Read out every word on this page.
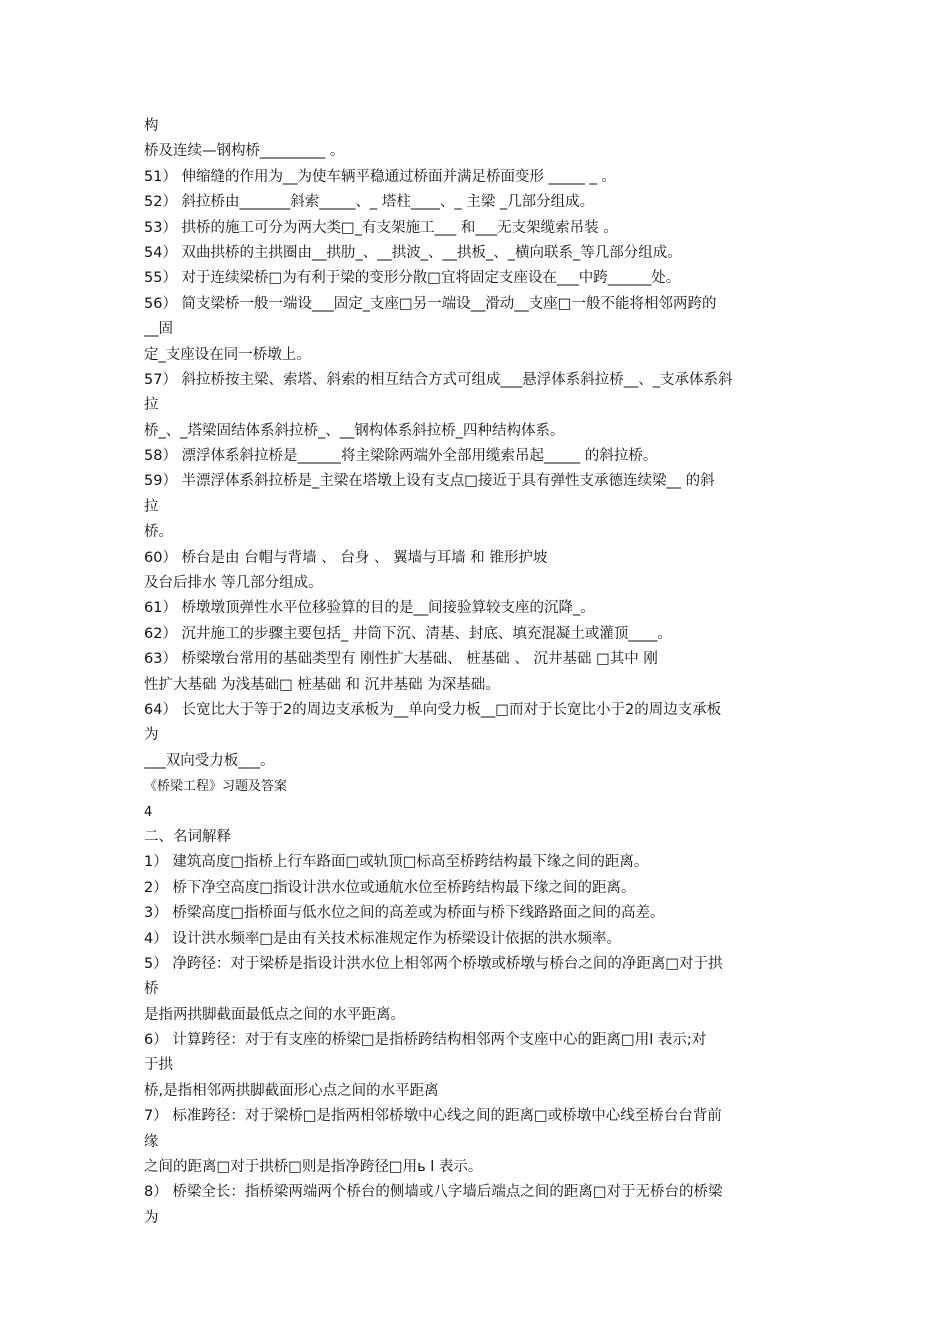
构
桥及连续—钢构桥_________ 。
51） 伸缩缝的作用为__为使车辆平稳通过桥面并满足桥面变形 _____ _ 。
52） 斜拉桥由_______斜索_____、_ 塔柱____、_ 主梁 _几部分组成。
53） 拱桥的施工可分为两大类□_有支架施工___ 和___无支架缆索吊装 。
54） 双曲拱桥的主拱圈由__拱肋_、__拱波_、__拱板_、_横向联系_等几部分组成。
55） 对于连续梁桥□为有利于梁的变形分散□宜将固定支座设在___中跨______处。
56） 简支梁桥一般一端设___固定_支座□另一端设__滑动__支座□一般不能将相邻两跨的
__固
定_支座设在同一桥墩上。
57） 斜拉桥按主梁、索塔、斜索的相互结合方式可组成___悬浮体系斜拉桥__、_支承体系斜
拉
桥_、_塔梁固结体系斜拉桥_、__钢构体系斜拉桥_四种结构体系。
58） 漂浮体系斜拉桥是______将主梁除两端外全部用缆索吊起_____ 的斜拉桥。
59） 半漂浮体系斜拉桥是_主梁在塔墩上设有支点□接近于具有弹性支承德连续梁__ 的斜
拉
桥。
60） 桥台是由 台帽与背墙 、 台身 、 翼墙与耳墙 和 锥形护坡
及台后排水 等几部分组成。
61） 桥墩墩顶弹性水平位移验算的目的是__间接验算较支座的沉降_。
62） 沉井施工的步骤主要包括_ 井筒下沉、清基、封底、填充混凝土或灌顶____。
63） 桥梁墩台常用的基础类型有 刚性扩大基础、 桩基础 、 沉井基础 □其中 刚
性扩大基础 为浅基础□ 桩基础 和 沉井基础 为深基础。
64） 长宽比大于等于2的周边支承板为__单向受力板__□而对于长宽比小于2的周边支承板
为
___双向受力板___。
《桥梁工程》习题及答案
4
二、名词解释
1） 建筑高度□指桥上行车路面□或轨顶□标高至桥跨结构最下缘之间的距离。
2） 桥下净空高度□指设计洪水位或通航水位至桥跨结构最下缘之间的距离。
3） 桥梁高度□指桥面与低水位之间的高差或为桥面与桥下线路路面之间的高差。
4） 设计洪水频率□是由有关技术标准规定作为桥梁设计依据的洪水频率。
5） 净跨径：对于梁桥是指设计洪水位上相邻两个桥墩或桥墩与桥台之间的净距离□对于拱
桥
是指两拱脚截面最低点之间的水平距离。
6） 计算跨径：对于有支座的桥梁□是指桥跨结构相邻两个支座中心的距离□用l 表示;对
于拱
桥,是指相邻两拱脚截面形心点之间的水平距离
7） 标准跨径：对于梁桥□是指两相邻桥墩中心线之间的距离□或桥墩中心线至桥台台背前
缘
之间的距离□对于拱桥□则是指净跨径□用ь l 表示。
8） 桥梁全长：指桥梁两端两个桥台的侧墙或八字墙后端点之间的距离□对于无桥台的桥梁
为
